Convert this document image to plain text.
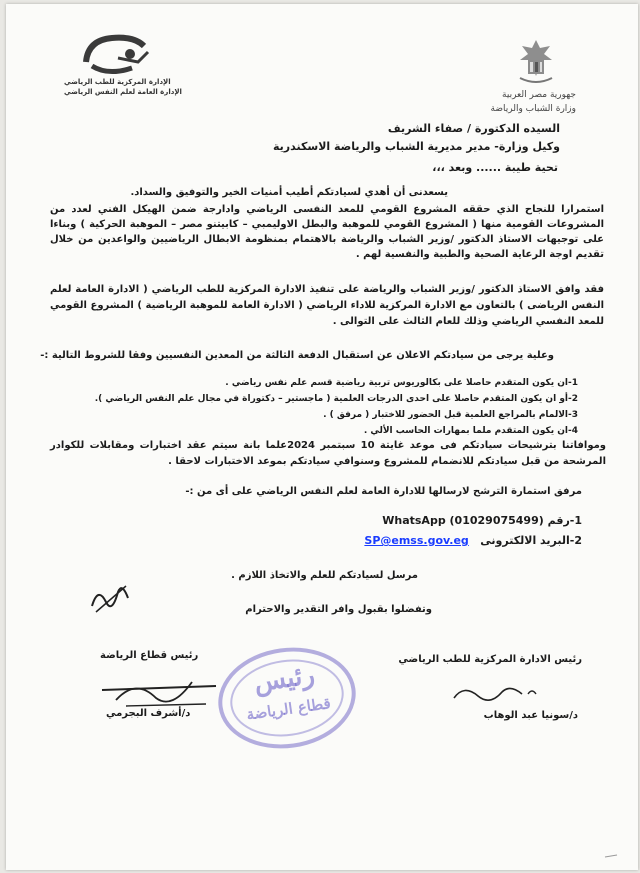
جهورية مصر العربية
وزارة الشباب والرياضة
الإدارة المركزية للطب الرياضي
الإدارة العامة لعلم النفس الرياضي
السيده الدكتورة / صفاء الشريف
وكيل وزارة- مدير مديرية الشباب والرياضة الاسكندرية
تحية طيبة ...... وبعد ،،،
يسعدنى أن أهدي لسيادتكم أطيب أمنيات الخير والتوفيق والسداد.
استمرارا للنجاح الذي حققه المشروع القومي للمعد النفسى الرياضي وادارجة ضمن الهيكل الفني لعدد من المشروعات القومية منها ( المشروع القومي للموهبة والبطل الاوليمبي – كابيتنو مصر – الموهبة الحركية ) وبناءا على توجيهات الاستاذ الدكتور /وزير الشباب والرياضة بالاهتمام بمنظومة الابطال الرياضيين والواعدين من خلال تقديم اوجة الرعاية الصحية والطبية والنفسية لهم .
فقد وافق الاستاذ الدكتور /وزير الشباب والرياضة على تنفيذ الادارة المركزية للطب الرياضي ( الادارة العامة لعلم النفس الرياضى ) بالتعاون مع الادارة المركزية للاداء الرياضي ( الادارة العامة للموهبة الرياضية ) المشروع القومي للمعد النفسي الرياضي وذلك للعام الثالث على التوالى .
وعلية يرجى من سيادتكم الاعلان عن استقبال الدفعة الثالثة من المعدين النفسيين وفقا للشروط التالية :-
1-ان يكون المتقدم حاصلا على بكالوريوس تربية رياضية قسم علم نفس رياضي .
2-أو ان يكون المتقدم حاصلا على احدى الدرجات العلمية ( ماجستير – دكتوراة في مجال علم النفس الرياضي ).
3-الالمام بالمراجع العلمية قبل الحضور للاختبار ( مرفق ) .
4-ان يكون المتقدم ملما بمهارات الحاسب الألي .
وموافاتنا بترشيحات سيادتكم فى موعد غايتة 10 سبتمبر 2024علما بانة سيتم عقد اختبارات ومقابلات للكوادر المرشحة من قبل سيادتكم للانضمام للمشروع وسنوافي سيادتكم بموعد الاختبارات لاحقا .
مرفق استمارة الترشح لارسالها للادارة العامة لعلم النفس الرياضي على أى من :-
1-رقم WhatsApp (01029075499)
2-البريد الالكترونى   SP@emss.gov.eg
مرسل لسيادتكم للعلم والاتخاذ اللازم .
وتفضلوا بقبول وافر التقدير والاحترام
رئيس الادارة المركزية للطب الرياضي
رئيس قطاع الرياضة
د/سونيا عبد الوهاب
د/أشرف البجرمي
رئيس
قطاع الرياضة
